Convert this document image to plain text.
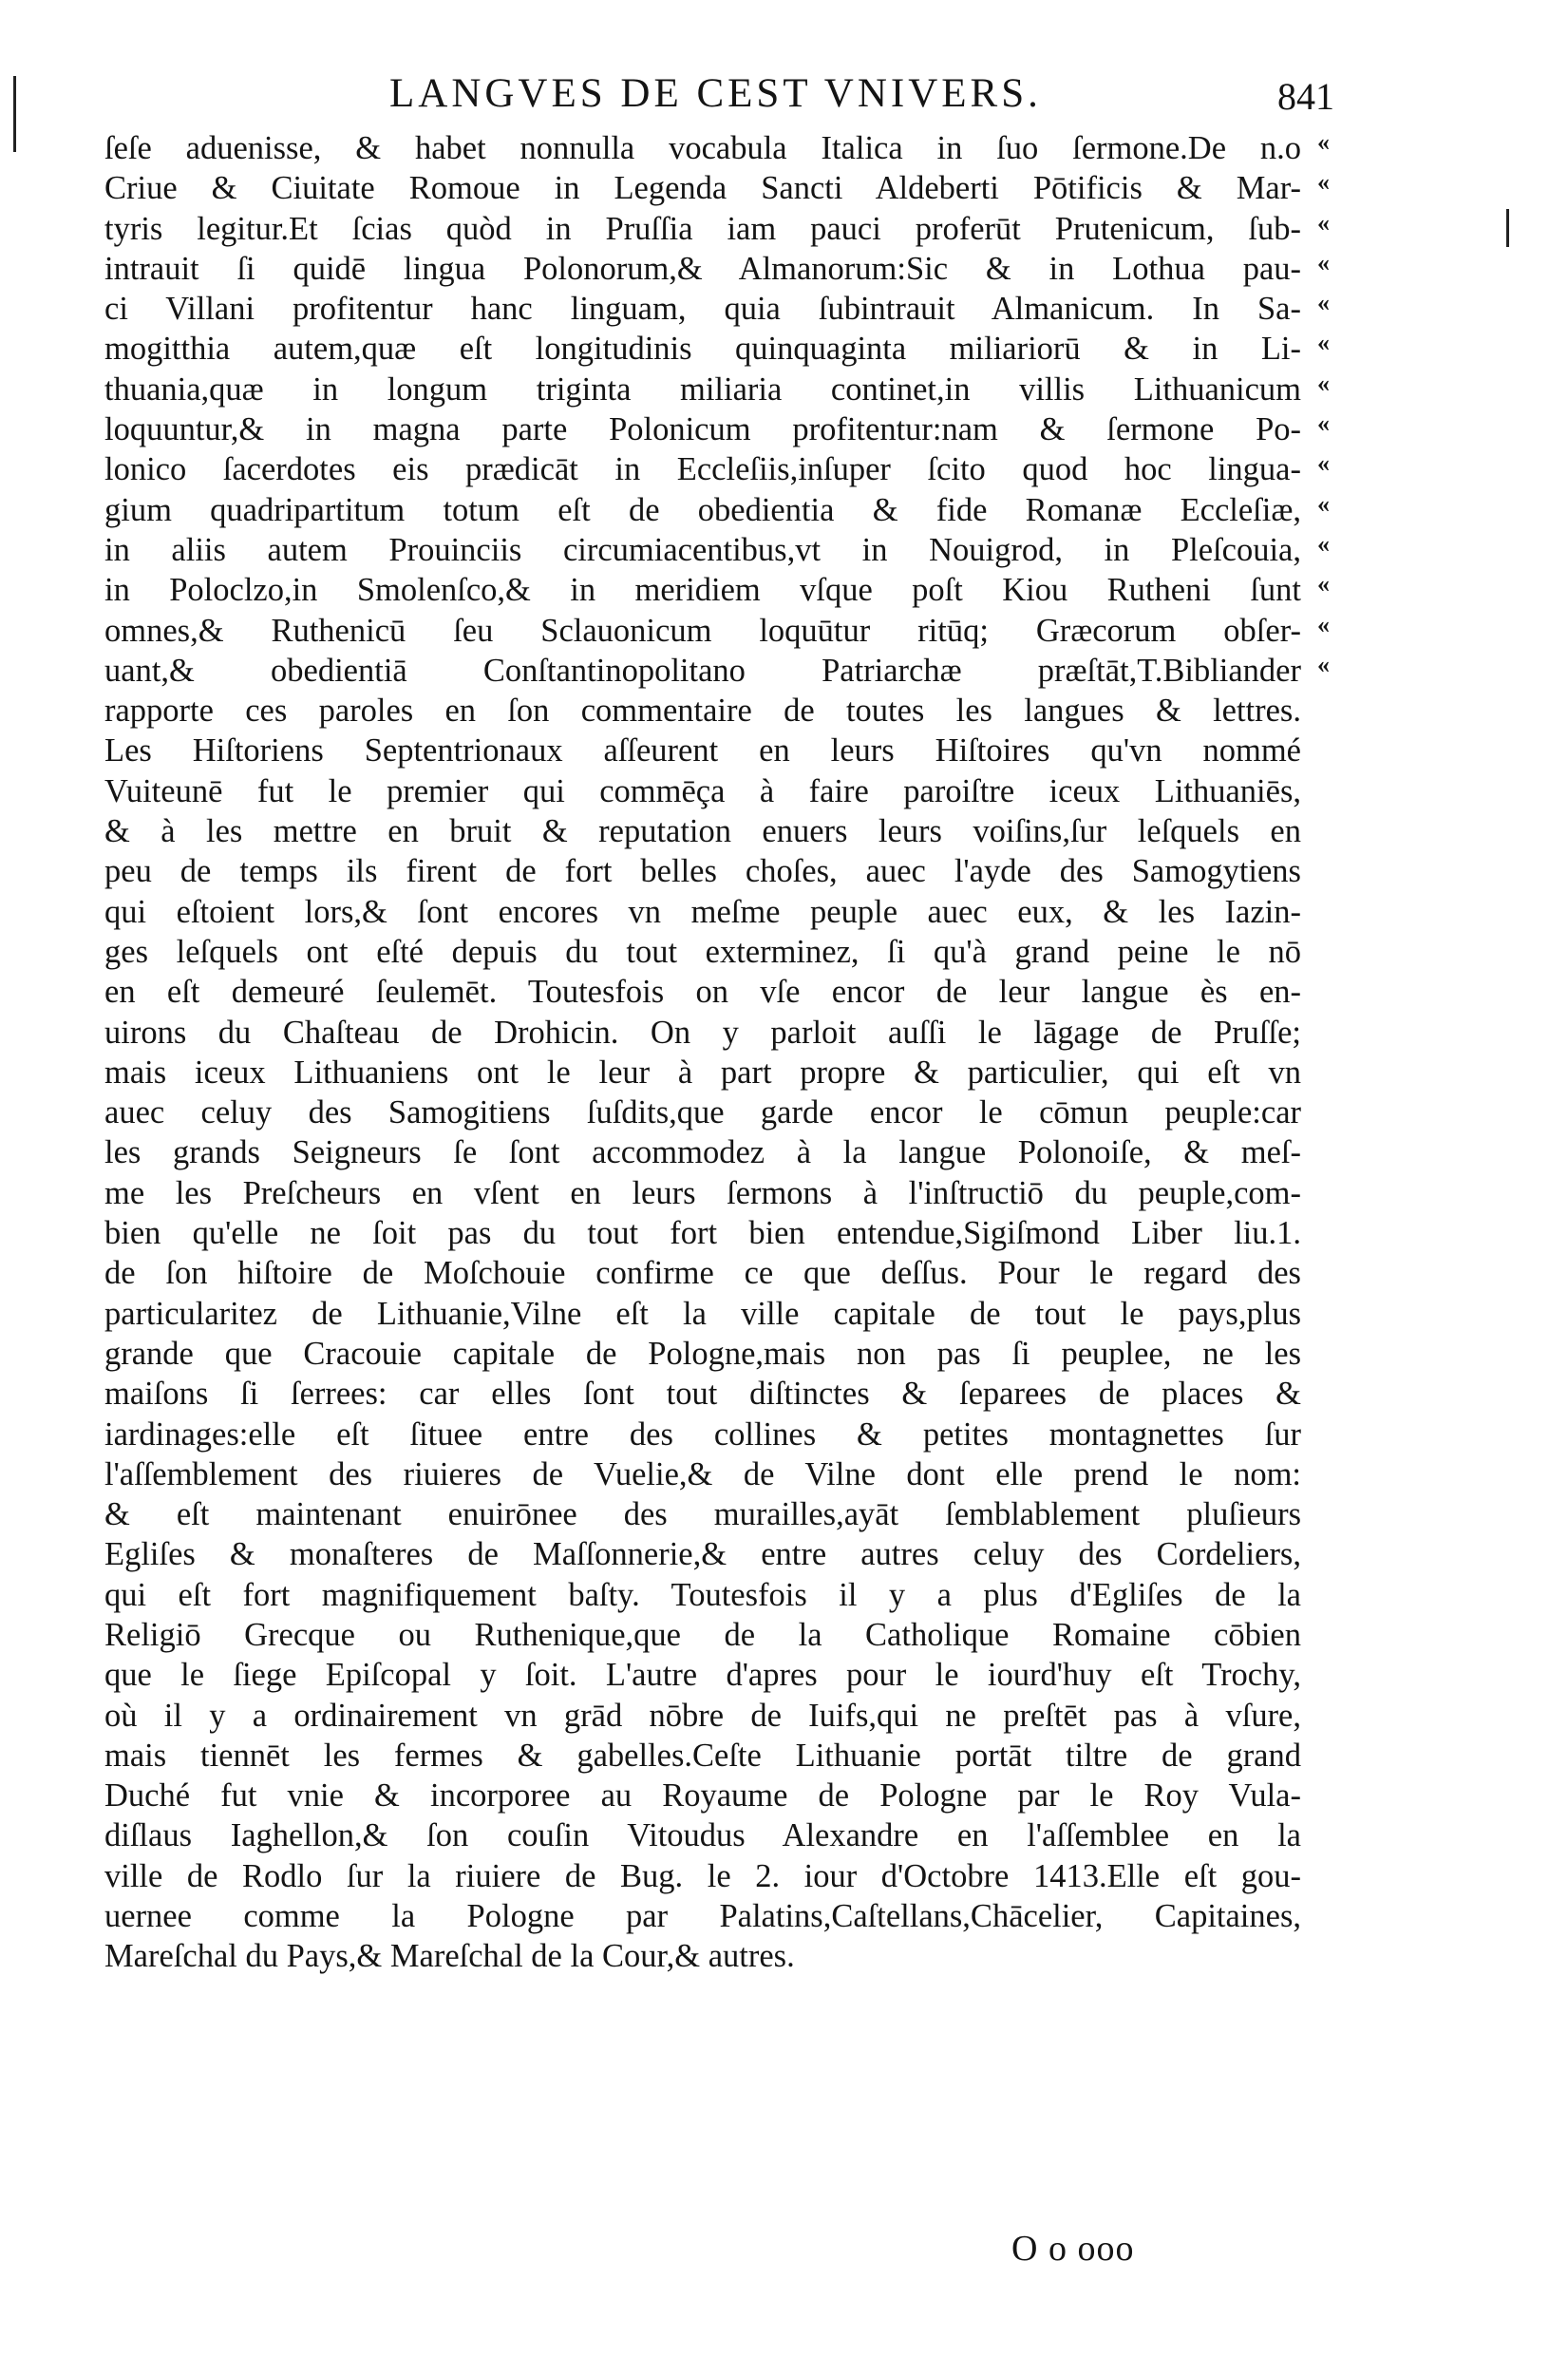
LANGVES DE CEST VNIVERS.	841
ſeſe aduenisse, & habet nonnulla vocabula Italica in ſuo ſermone.De n.o «
Criue & Ciuitate Romoue in Legenda Sancti Aldeberti Pōtificis & Mar- «
tyris legitur.Et ſcias quòd in Pruſſia iam pauci proferūt Prutenicum, ſub- «
intrauit ſi quidē lingua Polonorum,& Almanorum:Sic & in Lothua pau- «
ci Villani profitentur hanc linguam, quia ſubintrauit Almanicum. In Sa- «
mogitthia autem,quæ eſt longitudinis quinquaginta miliariorū & in Li- «
thuania,quæ in longum triginta miliaria continet,in villis Lithuanicum «
loquuntur,& in magna parte Polonicum profitentur:nam & ſermone Po- «
lonico ſacerdotes eis prædicāt in Eccleſiis,inſuper ſcito quod hoc lingua- «
gium quadripartitum totum eſt de obedientia & fide Romanæ Eccleſiæ, «
in aliis autem Prouinciis circumiacentibus,vt in Nouigrod, in Pleſcouia, «
in Poloclzo,in Smolenſco,& in meridiem vſque poſt Kiou Rutheni ſunt «
omnes,& Ruthenicū ſeu Sclauonicum loquūtur ritūq; Græcorum obſer- «
uant,& obedientiā Conſtantinopolitano Patriarchæ præſtāt,T.Bibliander «
rapporte ces paroles en ſon commentaire de toutes les langues & lettres.
Les Hiſtoriens Septentrionaux aſſeurent en leurs Hiſtoires qu'vn nommé
Vuiteunē fut le premier qui commēça à faire paroiſtre iceux Lithuaniēs,
& à les mettre en bruit & reputation enuers leurs voiſins,ſur leſquels en
peu de temps ils firent de fort belles choſes, auec l'ayde des Samogytiens
qui eſtoient lors,& ſont encores vn meſme peuple auec eux, & les Iazin-
ges leſquels ont eſté depuis du tout exterminez, ſi qu'à grand peine le nō
en eſt demeuré ſeulemēt. Toutesfois on vſe encor de leur langue ès en-
uirons du Chaſteau de Drohicin. On y parloit auſſi le lāgage de Pruſſe;
mais iceux Lithuaniens ont le leur à part propre & particulier, qui eſt vn
auec celuy des Samogitiens ſuſdits,que garde encor le cōmun peuple:car
les grands Seigneurs ſe ſont accommodez à la langue Polonoiſe, & meſ-
me les Preſcheurs en vſent en leurs ſermons à l'inſtructiō du peuple,com-
bien qu'elle ne ſoit pas du tout fort bien entendue,Sigiſmond Liber liu.1.
de ſon hiſtoire de Moſchouie confirme ce que deſſus. Pour le regard des
particularitez de Lithuanie,Vilne eſt la ville capitale de tout le pays,plus
grande que Cracouie capitale de Pologne,mais non pas ſi peuplee, ne les
maiſons ſi ſerrees: car elles ſont tout diſtinctes & ſeparees de places &
iardinages:elle eſt ſituee entre des collines & petites montagnettes ſur
l'aſſemblement des riuieres de Vuelie,& de Vilne dont elle prend le nom:
& eſt maintenant enuirōnee des murailles,ayāt ſemblablement pluſieurs
Egliſes & monaſteres de Maſſonnerie,& entre autres celuy des Cordeliers,
qui eſt fort magnifiquement baſty. Toutesfois il y a plus d'Egliſes de la
Religiō Grecque ou Ruthenique,que de la Catholique Romaine cōbien
que le ſiege Epiſcopal y ſoit. L'autre d'apres pour le iourd'huy eſt Trochy,
où il y a ordinairement vn grād nōbre de Iuifs,qui ne preſtēt pas à vſure,
mais tiennēt les fermes & gabelles.Ceſte Lithuanie portāt tiltre de grand
Duché fut vnie & incorporee au Royaume de Pologne par le Roy Vula-
diſlaus Iaghellon,& ſon couſin Vitoudus Alexandre en l'aſſemblee en la
ville de Rodlo ſur la riuiere de Bug. le 2. iour d'Octobre 1413.Elle eſt gou-
uernee comme la Pologne par Palatins,Caſtellans,Chācelier, Capitaines,
Mareſchal du Pays,& Mareſchal de la Cour,& autres.
O o ooo
